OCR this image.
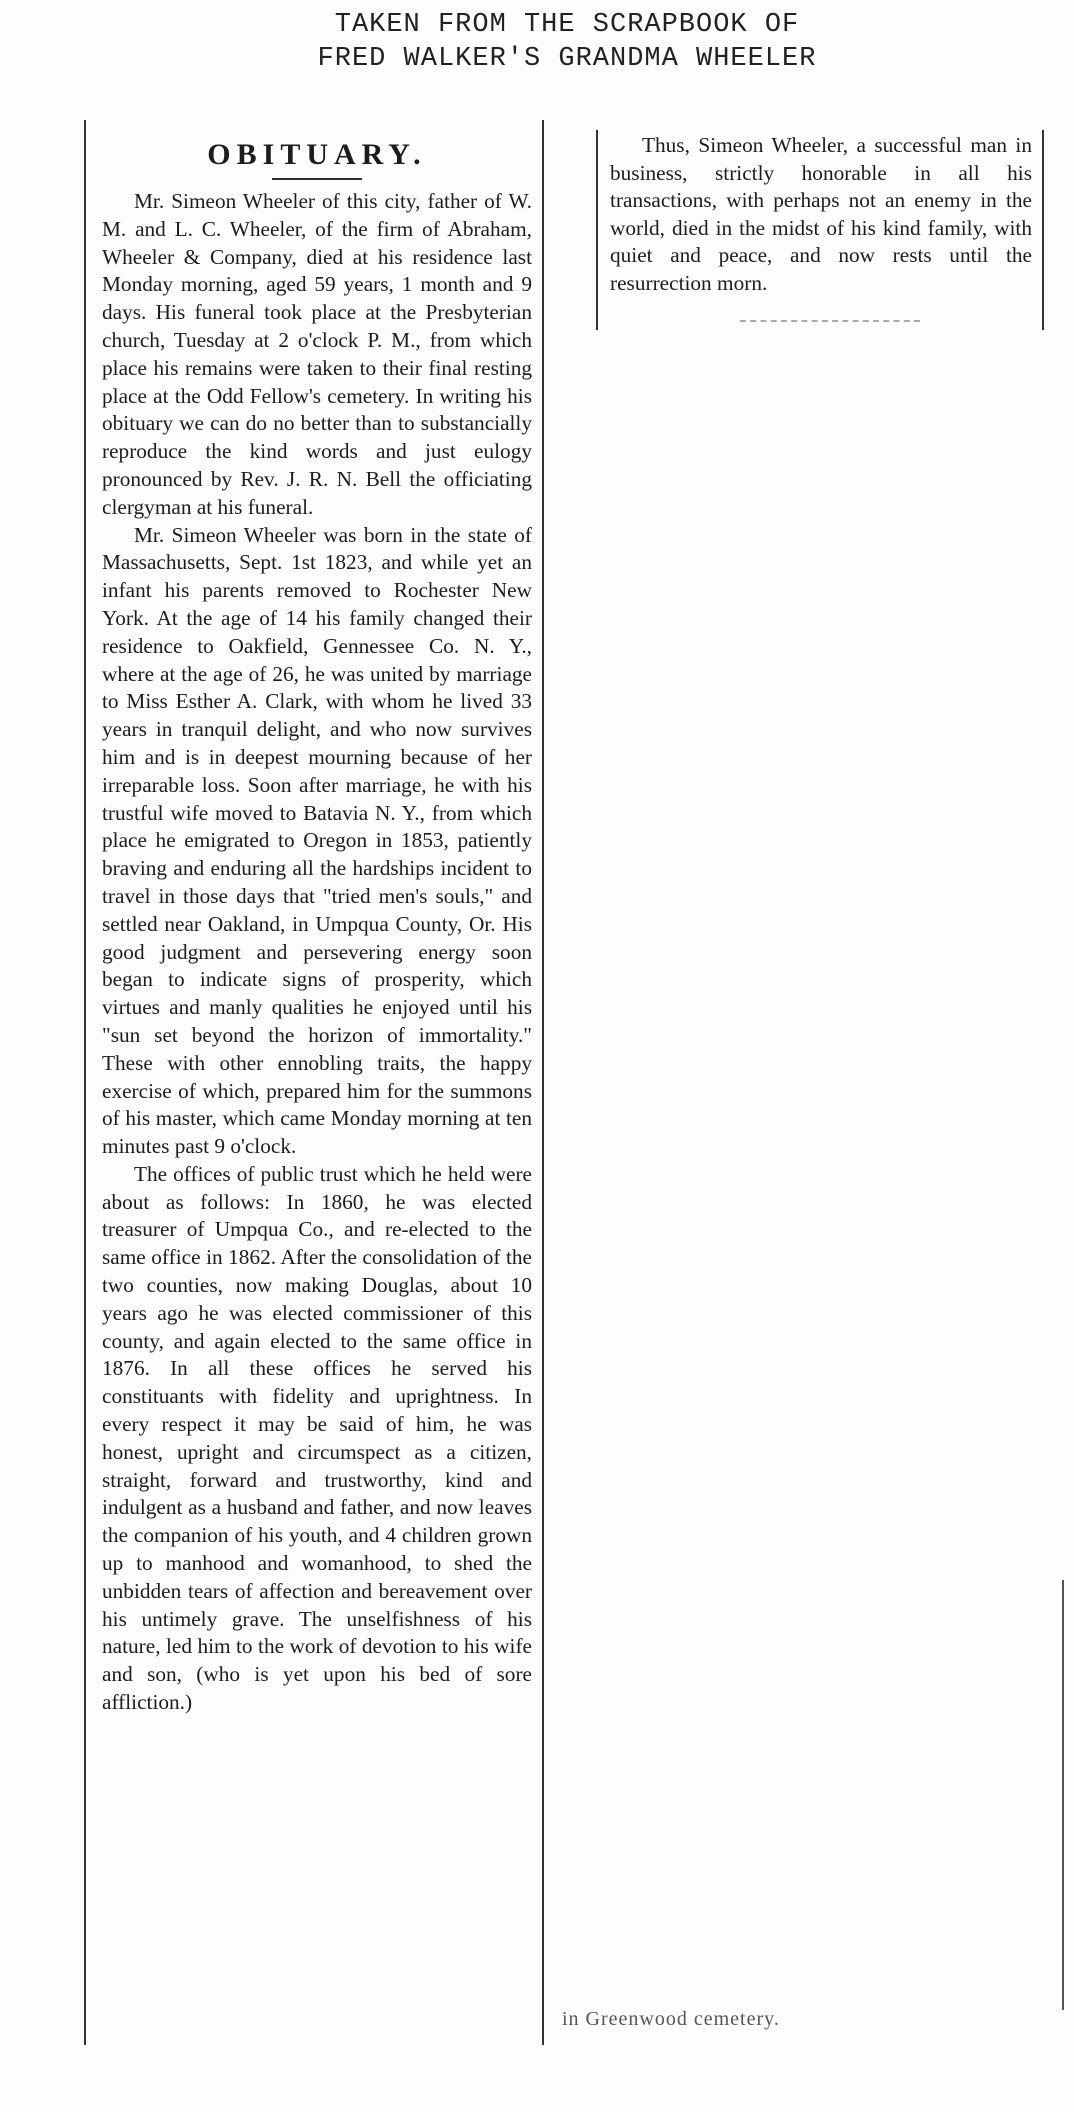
TAKEN FROM THE SCRAPBOOK OF
FRED WALKER'S GRANDMA WHEELER
OBITUARY.

Mr. Simeon Wheeler of this city, father of W. M. and L. C. Wheeler, of the firm of Abraham, Wheeler & Company, died at his residence last Monday morning, aged 59 years, 1 month and 9 days. His funeral took place at the Presbyterian church, Tuesday at 2 o'clock P. M., from which place his remains were taken to their final resting place at the Odd Fellow's cemetery. In writing his obituary we can do no better than to substancially reproduce the kind words and just eulogy pronounced by Rev. J. R. N. Bell the officiating clergyman at his funeral.

Mr. Simeon Wheeler was born in the state of Massachusetts, Sept. 1st 1823, and while yet an infant his parents removed to Rochester New York. At the age of 14 his family changed their residence to Oakfield, Gennessee Co. N. Y., where at the age of 26, he was united by marriage to Miss Esther A. Clark, with whom he lived 33 years in tranquil delight, and who now survives him and is in deepest mourning because of her irreparable loss. Soon after marriage, he with his trustful wife moved to Batavia N. Y., from which place he emigrated to Oregon in 1853, patiently braving and enduring all the hardships incident to travel in those days that "tried men's souls," and settled near Oakland, in Umpqua County, Or. His good judgment and persevering energy soon began to indicate signs of prosperity, which virtues and manly qualities he enjoyed until his "sun set beyond the horizon of immortality." These with other ennobling traits, the happy exercise of which, prepared him for the summons of his master, which came Monday morning at ten minutes past 9 o'clock.

The offices of public trust which he held were about as follows: In 1860, he was elected treasurer of Umpqua Co., and re-elected to the same office in 1862. After the consolidation of the two counties, now making Douglas, about 10 years ago he was elected commissioner of this county, and again elected to the same office in 1876. In all these offices he served his constituants with fidelity and uprightness. In every respect it may be said of him, he was honest, upright and circumspect as a citizen, straight, forward and trustworthy, kind and indulgent as a husband and father, and now leaves the companion of his youth, and 4 children grown up to manhood and womanhood, to shed the unbidden tears of affection and bereavement over his untimely grave. The unselfishness of his nature, led him to the work of devotion to his wife and son, (who is yet upon his bed of sore affliction.)

Thus, Simeon Wheeler, a successful man in business, strictly honorable in all his transactions, with perhaps not an enemy in the world, died in the midst of his kind family, with quiet and peace, and now rests until the resurrection morn.

in Greenwood cemetery.
